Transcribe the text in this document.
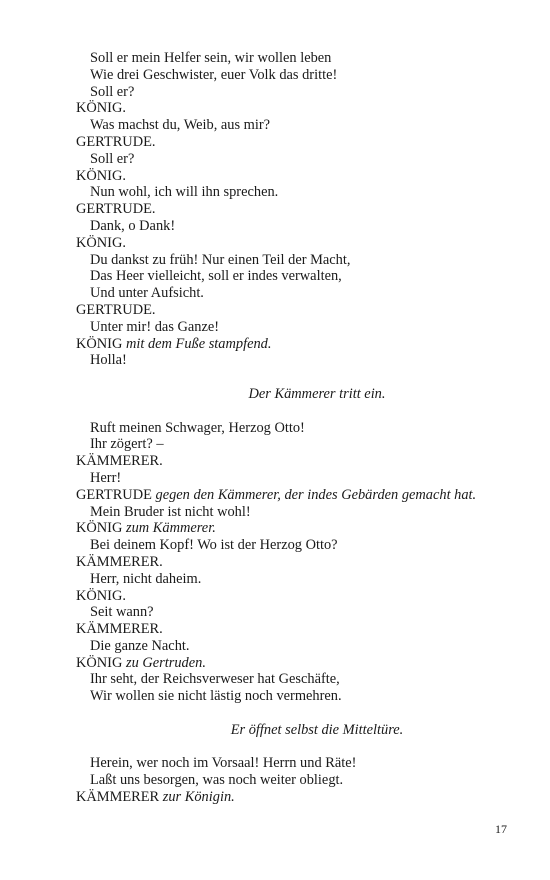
Soll er mein Helfer sein, wir wollen leben
Wie drei Geschwister, euer Volk das dritte!
Soll er?
KÖNIG.
Was machst du, Weib, aus mir?
GERTRUDE.
Soll er?
KÖNIG.
Nun wohl, ich will ihn sprechen.
GERTRUDE.
Dank, o Dank!
KÖNIG.
Du dankst zu früh! Nur einen Teil der Macht,
Das Heer vielleicht, soll er indes verwalten,
Und unter Aufsicht.
GERTRUDE.
Unter mir! das Ganze!
KÖNIG mit dem Fuße stampfend.
Holla!
Der Kämmerer tritt ein.
Ruft meinen Schwager, Herzog Otto!
Ihr zögert? –
KÄMMERER.
Herr!
GERTRUDE gegen den Kämmerer, der indes Gebärden gemacht hat.
Mein Bruder ist nicht wohl!
KÖNIG zum Kämmerer.
Bei deinem Kopf! Wo ist der Herzog Otto?
KÄMMERER.
Herr, nicht daheim.
KÖNIG.
Seit wann?
KÄMMERER.
Die ganze Nacht.
KÖNIG zu Gertruden.
Ihr seht, der Reichsverweser hat Geschäfte,
Wir wollen sie nicht lästig noch vermehren.
Er öffnet selbst die Mitteltüre.
Herein, wer noch im Vorsaal! Herrn und Räte!
Laßt uns besorgen, was noch weiter obliegt.
KÄMMERER zur Königin.
17
